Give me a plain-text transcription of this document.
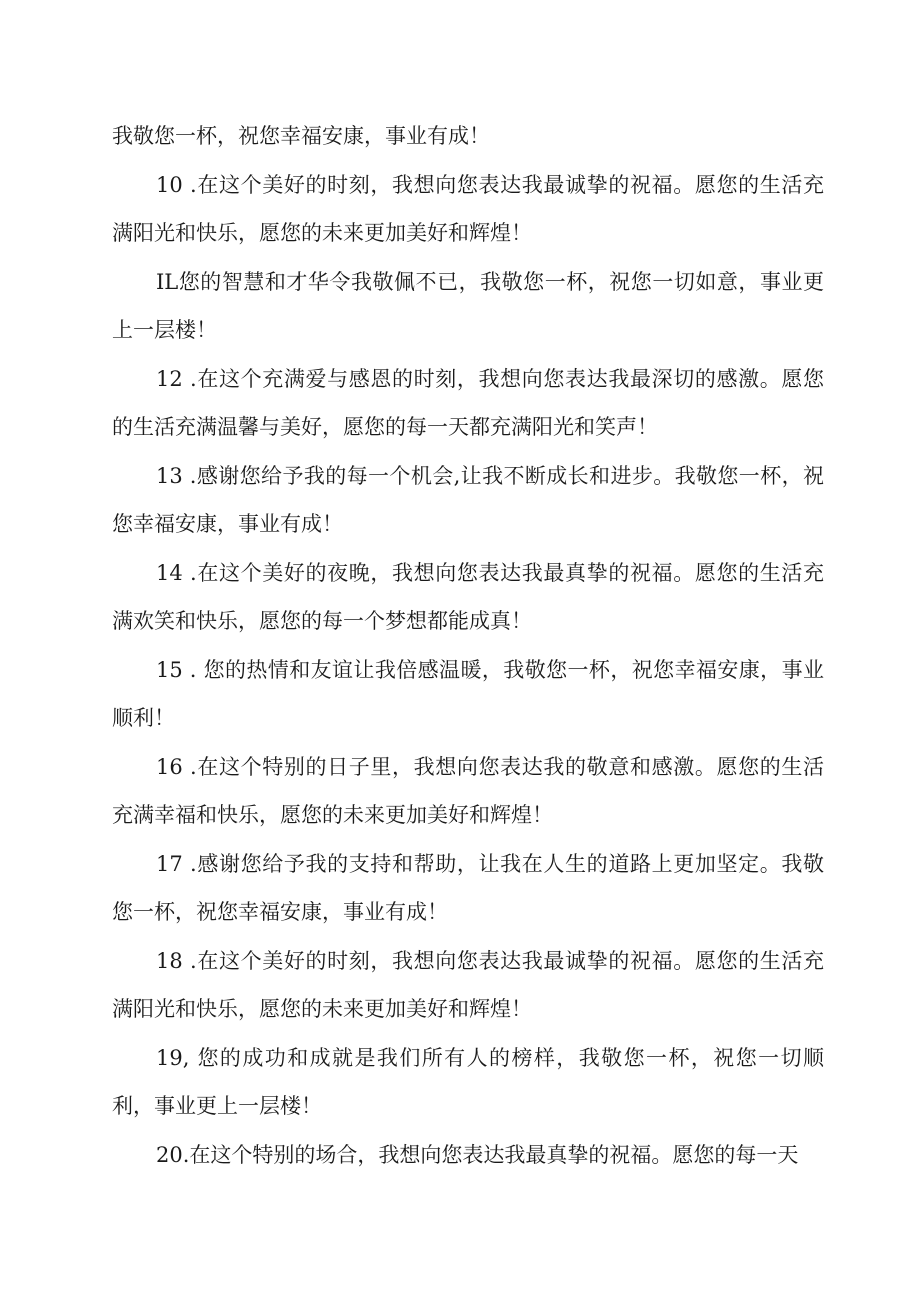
我敬您一杯，祝您幸福安康，事业有成！

10 .在这个美好的时刻，我想向您表达我最诚挚的祝福。愿您的生活充满阳光和快乐，愿您的未来更加美好和辉煌！

IL您的智慧和才华令我敬佩不已，我敬您一杯，祝您一切如意，事业更上一层楼！

12 .在这个充满爱与感恩的时刻，我想向您表达我最深切的感激。愿您的生活充满温馨与美好，愿您的每一天都充满阳光和笑声！

13 .感谢您给予我的每一个机会,让我不断成长和进步。我敬您一杯，祝您幸福安康，事业有成！

14 .在这个美好的夜晚，我想向您表达我最真挚的祝福。愿您的生活充满欢笑和快乐，愿您的每一个梦想都能成真！

15 . 您的热情和友谊让我倍感温暖，我敬您一杯，祝您幸福安康，事业顺利！

16 .在这个特别的日子里，我想向您表达我的敬意和感激。愿您的生活充满幸福和快乐，愿您的未来更加美好和辉煌！

17 .感谢您给予我的支持和帮助，让我在人生的道路上更加坚定。我敬您一杯，祝您幸福安康，事业有成！

18 .在这个美好的时刻，我想向您表达我最诚挚的祝福。愿您的生活充满阳光和快乐，愿您的未来更加美好和辉煌！

19, 您的成功和成就是我们所有人的榜样，我敬您一杯，祝您一切顺利，事业更上一层楼！

20.在这个特别的场合，我想向您表达我最真挚的祝福。愿您的每一天
